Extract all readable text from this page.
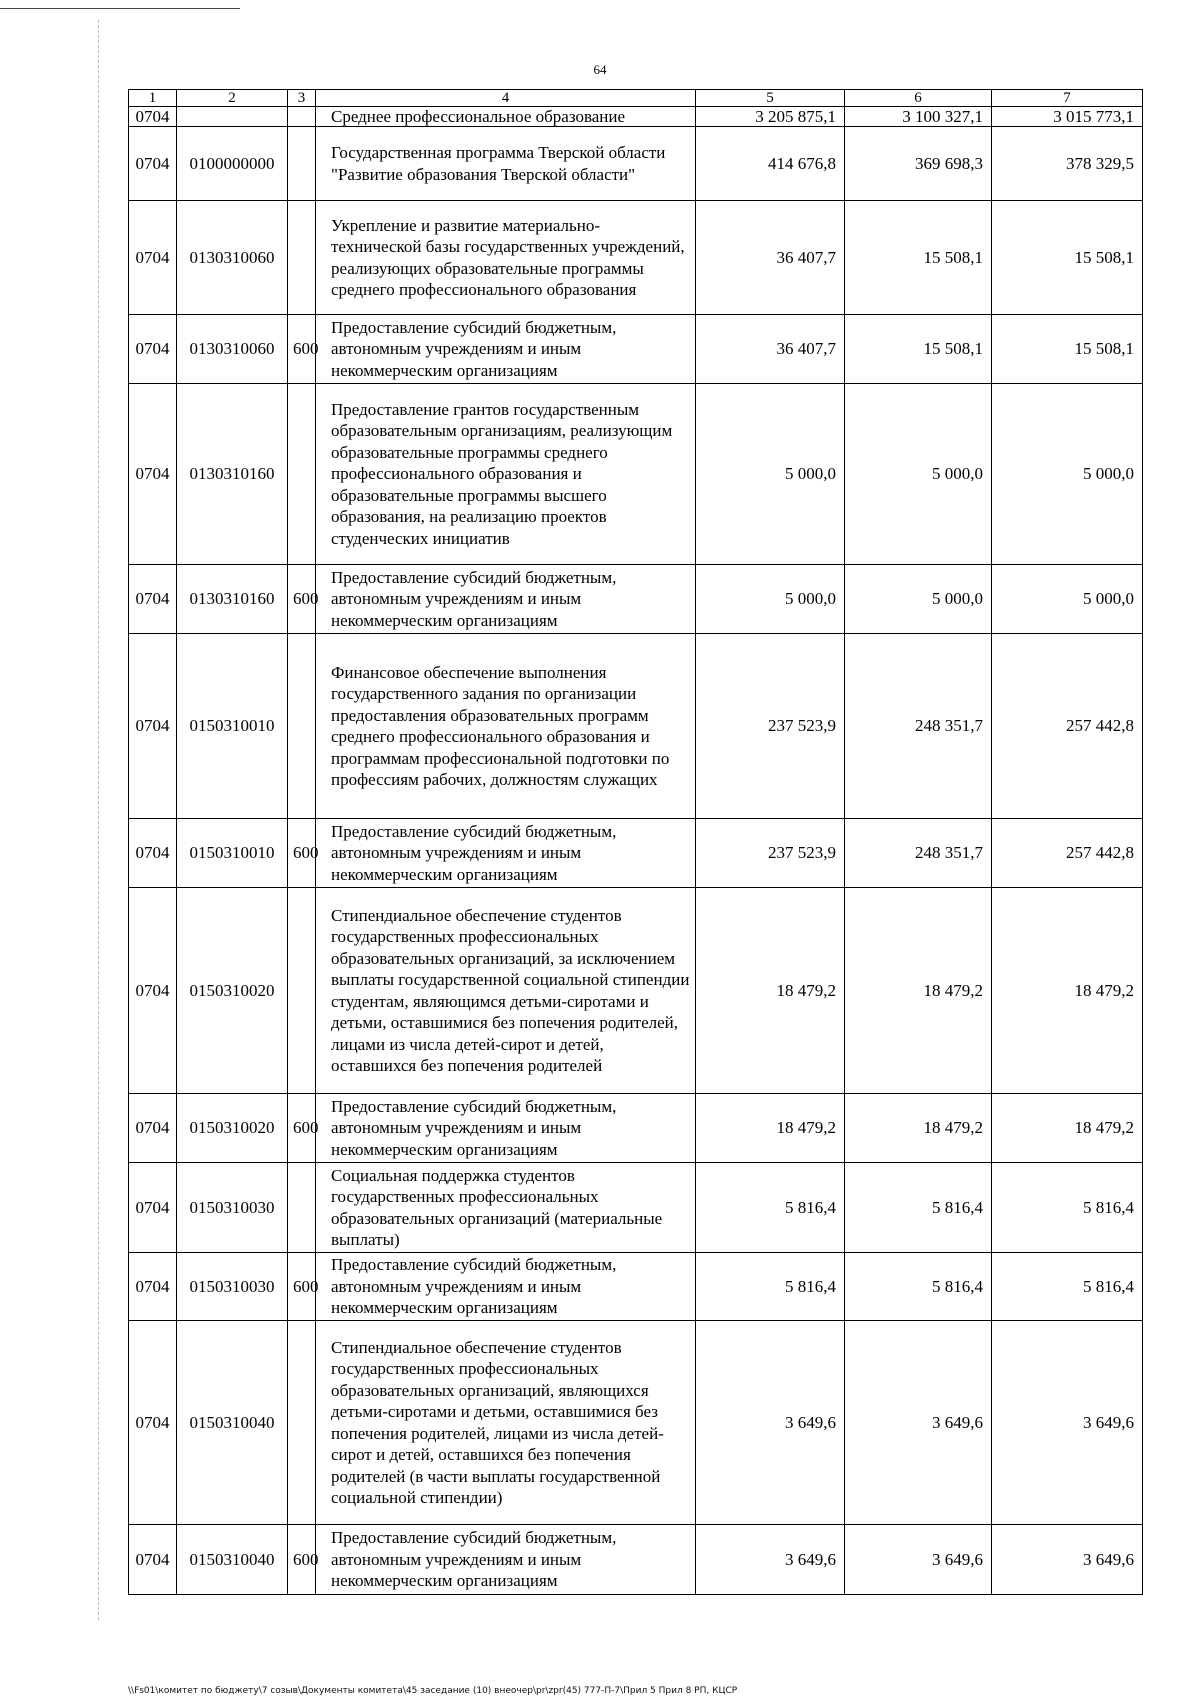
64
1	2	3	4	5	6	7
0704			Среднее профессиональное образование	3 205 875,1	3 100 327,1	3 015 773,1
0704	0100000000		Государственная программа Тверской области "Развитие образования Тверской области"	414 676,8	369 698,3	378 329,5
0704	0130310060		Укрепление и развитие материально-технической базы государственных учреждений, реализующих образовательные программы среднего профессионального образования	36 407,7	15 508,1	15 508,1
0704	0130310060	600	Предоставление субсидий бюджетным, автономным учреждениям и иным некоммерческим организациям	36 407,7	15 508,1	15 508,1
0704	0130310160		Предоставление грантов государственным образовательным организациям, реализующим образовательные программы среднего профессионального образования и образовательные программы высшего образования, на реализацию проектов студенческих инициатив	5 000,0	5 000,0	5 000,0
0704	0130310160	600	Предоставление субсидий бюджетным, автономным учреждениям и иным некоммерческим организациям	5 000,0	5 000,0	5 000,0
0704	0150310010		Финансовое обеспечение выполнения государственного задания по организации предоставления образовательных программ среднего профессионального образования и программам профессиональной подготовки по профессиям рабочих, должностям служащих	237 523,9	248 351,7	257 442,8
0704	0150310010	600	Предоставление субсидий бюджетным, автономным учреждениям и иным некоммерческим организациям	237 523,9	248 351,7	257 442,8
0704	0150310020		Стипендиальное обеспечение студентов государственных профессиональных образовательных организаций, за исключением выплаты государственной социальной стипендии студентам, являющимся детьми-сиротами и детьми, оставшимися без попечения родителей, лицами из числа детей-сирот и детей, оставшихся без попечения родителей	18 479,2	18 479,2	18 479,2
0704	0150310020	600	Предоставление субсидий бюджетным, автономным учреждениям и иным некоммерческим организациям	18 479,2	18 479,2	18 479,2
0704	0150310030		Социальная поддержка студентов государственных профессиональных образовательных организаций (материальные выплаты)	5 816,4	5 816,4	5 816,4
0704	0150310030	600	Предоставление субсидий бюджетным, автономным учреждениям и иным некоммерческим организациям	5 816,4	5 816,4	5 816,4
0704	0150310040		Стипендиальное обеспечение студентов государственных профессиональных образовательных организаций, являющихся детьми-сиротами и детьми, оставшимися без попечения родителей, лицами из числа детей-сирот и детей, оставшихся без попечения родителей (в части выплаты государственной социальной стипендии)	3 649,6	3 649,6	3 649,6
0704	0150310040	600	Предоставление субсидий бюджетным, автономным учреждениям и иным некоммерческим организациям	3 649,6	3 649,6	3 649,6
\\Fs01\комитет по бюджету\7 созыв\Документы комитета\45 заседание (10) внеочер\pr\zpr(45) 777-П-7\Прил 5 Прил 8 РП, КЦСР
